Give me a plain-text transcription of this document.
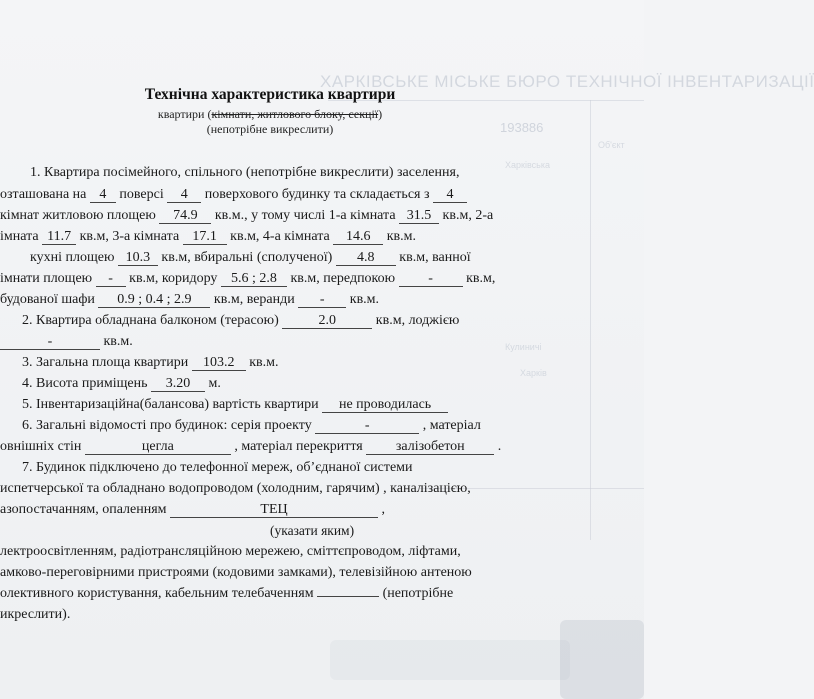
ХАРКІВСЬКЕ МІСЬКЕ БЮРО ТЕХНІЧНОЇ ІНВЕНТАРИЗАЦІЇ
193886
Об'єкт
Харківська
Харків
Кулиничі
Технічна характеристика квартири
квартири (кімнати, житлового блоку, секції)
(непотрібне викреслити)
1. Квартира посімейного, спільного (непотрібне викреслити) заселення,
озташована на 4 поверсі 4 поверхового будинку та складається з 4
кімнат житловою площею 74.9 кв.м., у тому числі 1-а кімната 31.5 кв.м, 2-а
імната 11.7 кв.м, 3-а кімната 17.1 кв.м, 4-а кімната 14.6 кв.м.
кухні площею 10.3 кв.м, вбиральні (сполученої) 4.8 кв.м, ванної
імнати площею - кв.м, коридору 5.6 ; 2.8 кв.м, передпокою - кв.м,
будованої шафи 0.9 ; 0.4 ; 2.9 кв.м, веранди - кв.м.
2. Квартира обладнана балконом (терасою)	2.0	кв.м, лоджією
-	кв.м.
3. Загальна площа квартири 103.2 кв.м.
4. Висота приміщень 3.20 м.
5. Інвентаризаційна(балансова) вартість квартири не проводилась
6. Загальні відомості про будинок: серія проекту	-	, матеріал
овнішніх стін	цегла	, матеріал перекриття залізобетон .
7. Будинок підключено до телефонної мереж, об’єднаної системи
испетчерської та обладнано водопроводом (холодним, гарячим) , каналізацією,
азопостачанням, опаленням	ТЕЦ	,
(указати яким)
лектроосвітленням, радіотрансляційною мережею, сміттєпроводом, ліфтами,
амково-переговірними пристроями (кодовими замками), телевізійною антеною
олективного користування, кабельним телебаченням	(непотрібне
икреслити).
